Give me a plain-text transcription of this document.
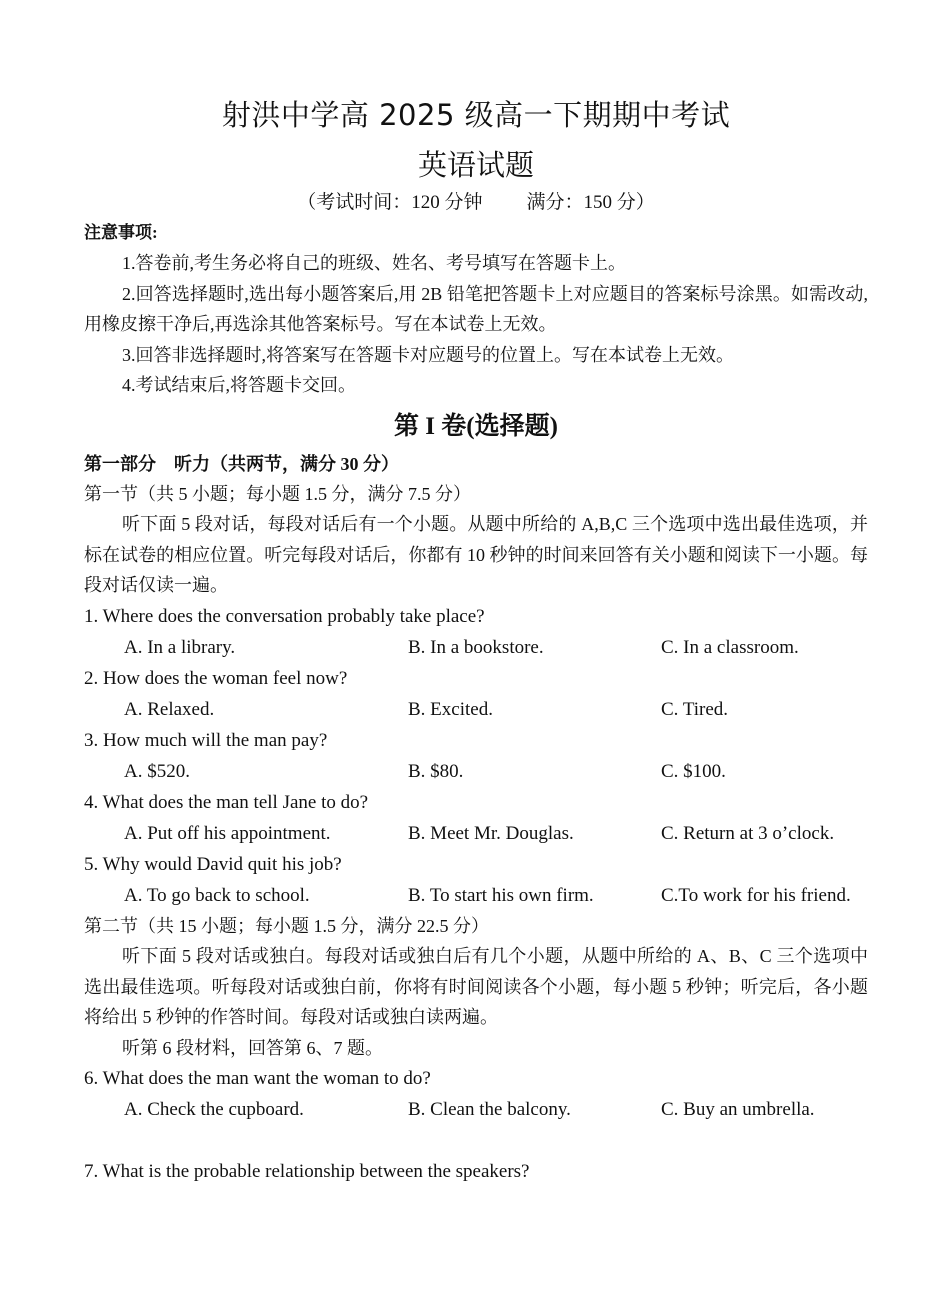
射洪中学高 2025 级高一下期期中考试
英语试题
（考试时间：120 分钟 满分：150 分）
注意事项:
1.答卷前,考生务必将自己的班级、姓名、考号填写在答题卡上。
2.回答选择题时,选出每小题答案后,用 2B 铅笔把答题卡上对应题目的答案标号涂黑。如需改动,用橡皮擦干净后,再选涂其他答案标号。写在本试卷上无效。
3.回答非选择题时,将答案写在答题卡对应题号的位置上。写在本试卷上无效。
4.考试结束后,将答题卡交回。
第 I 卷(选择题)
第一部分　听力（共两节，满分 30 分）
第一节（共 5 小题；每小题 1.5 分，满分 7.5 分）
听下面 5 段对话，每段对话后有一个小题。从题中所给的 A,B,C 三个选项中选出最佳选项，并标在试卷的相应位置。听完每段对话后，你都有 10 秒钟的时间来回答有关小题和阅读下一小题。每段对话仅读一遍。
1. Where does the conversation probably take place?
A. In a library.	B. In a bookstore.	C. In a classroom.
2. How does the woman feel now?
A. Relaxed.	B. Excited.	C. Tired.
3. How much will the man pay?
A. $520.	B. $80.	C. $100.
4. What does the man tell Jane to do?
A. Put off his appointment.	B. Meet Mr. Douglas.	C. Return at 3 o’clock.
5. Why would David quit his job?
A. To go back to school.	B. To start his own firm.	C.To work for his friend.
第二节（共 15 小题；每小题 1.5 分，满分 22.5 分）
听下面 5 段对话或独白。每段对话或独白后有几个小题，从题中所给的 A、B、C 三个选项中选出最佳选项。听每段对话或独白前，你将有时间阅读各个小题，每小题 5 秒钟；听完后，各小题将给出 5 秒钟的作答时间。每段对话或独白读两遍。
听第 6 段材料，回答第 6、7 题。
6. What does the man want the woman to do?
A. Check the cupboard.	B. Clean the balcony.	C. Buy an umbrella.
7. What is the probable relationship between the speakers?
